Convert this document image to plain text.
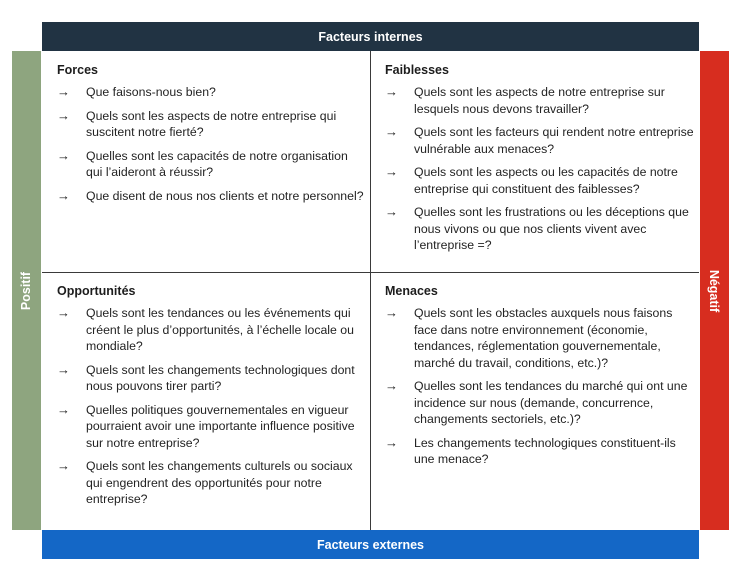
Facteurs internes
Positif	Négatif
Facteurs externes
Forces
→	Que faisons-nous bien?
→	Quels sont les aspects de notre entreprise qui suscitent notre fierté?
→	Quelles sont les capacités de notre organisation qui l’aideront à réussir?
→	Que disent de nous nos clients et notre personnel?
Faiblesses
→	Quels sont les aspects de notre entreprise sur lesquels nous devons travailler?
→	Quels sont les facteurs qui rendent notre entreprise vulnérable aux menaces?
→	Quels sont les aspects ou les capacités de notre entreprise qui constituent des faiblesses?
→	Quelles sont les frustrations ou les déceptions que nous vivons ou que nos clients vivent avec l’entreprise =?
Opportunités
→	Quels sont les tendances ou les événements qui créent le plus d’opportunités, à l’échelle locale ou mondiale?
→	Quels sont les changements technologiques dont nous pouvons tirer parti?
→	Quelles politiques gouvernementales en vigueur pourraient avoir une importante influence positive sur notre entreprise?
→	Quels sont les changements culturels ou sociaux qui engendrent des opportunités pour notre entreprise?
Menaces
→	Quels sont les obstacles auxquels nous faisons face dans notre environnement (économie, tendances, réglementation gouvernementale, marché du travail, conditions, etc.)?
→	Quelles sont les tendances du marché qui ont une incidence sur nous (demande, concurrence, changements sectoriels, etc.)?
→	Les changements technologiques constituent-ils une menace?
